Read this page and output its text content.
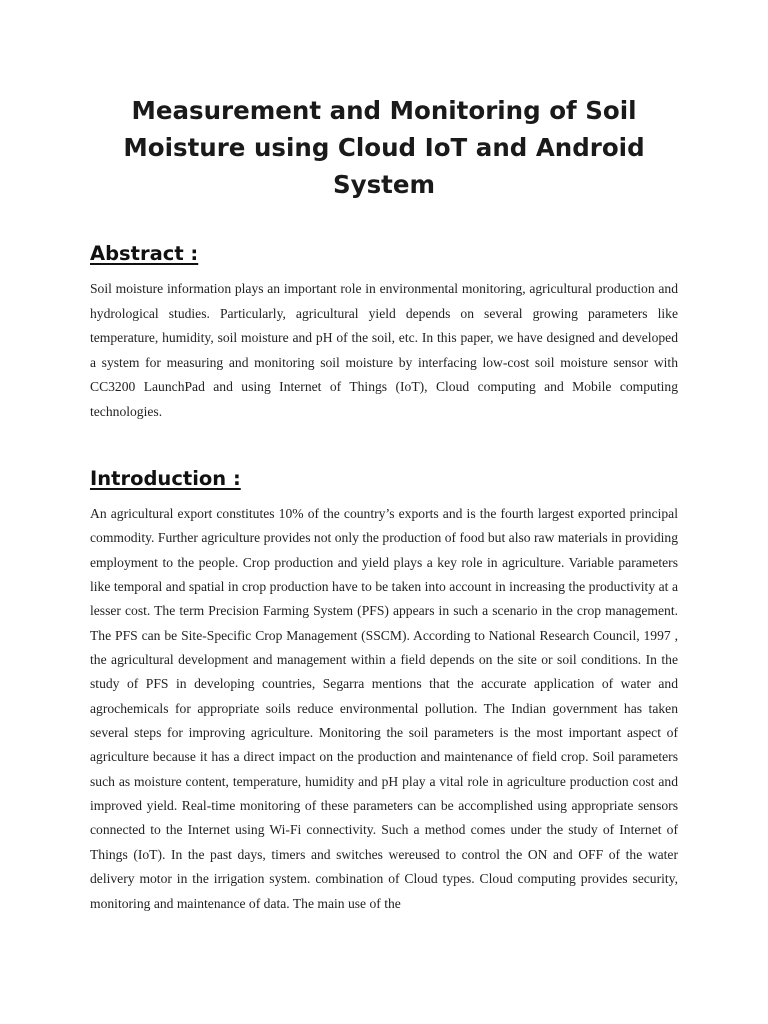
Measurement and Monitoring of Soil Moisture using Cloud IoT and Android System
Abstract :

Soil moisture information plays an important role in environmental monitoring, agricultural production and hydrological studies. Particularly, agricultural yield depends on several growing parameters like temperature, humidity, soil moisture and pH of the soil, etc. In this paper, we have designed and developed a system for measuring and monitoring soil moisture by interfacing low-cost soil moisture sensor with CC3200 LaunchPad and using Internet of Things (IoT), Cloud computing and Mobile computing technologies.

Introduction :

An agricultural export constitutes 10% of the country’s exports and is the fourth largest exported principal commodity. Further agriculture provides not only the production of food but also raw materials in providing employment to the people. Crop production and yield plays a key role in agriculture. Variable parameters like temporal and spatial in crop production have to be taken into account in increasing the productivity at a lesser cost. The term Precision Farming System (PFS) appears in such a scenario in the crop management. The PFS can be Site-Specific Crop Management (SSCM). According to National Research Council, 1997 , the agricultural development and management within a field depends on the site or soil conditions. In the study of PFS in developing countries, Segarra mentions that the accurate application of water and agrochemicals for appropriate soils reduce environmental pollution. The Indian government has taken several steps for improving agriculture. Monitoring the soil parameters is the most important aspect of agriculture because it has a direct impact on the production and maintenance of field crop. Soil parameters such as moisture content, temperature, humidity and pH play a vital role in agriculture production cost and improved yield. Real-time monitoring of these parameters can be accomplished using appropriate sensors connected to the Internet using Wi-Fi connectivity. Such a method comes under the study of Internet of Things (IoT). In the past days, timers and switches wereused to control the ON and OFF of the water delivery motor in the irrigation system. combination of Cloud types. Cloud computing provides security, monitoring and maintenance of data. The main use of the
